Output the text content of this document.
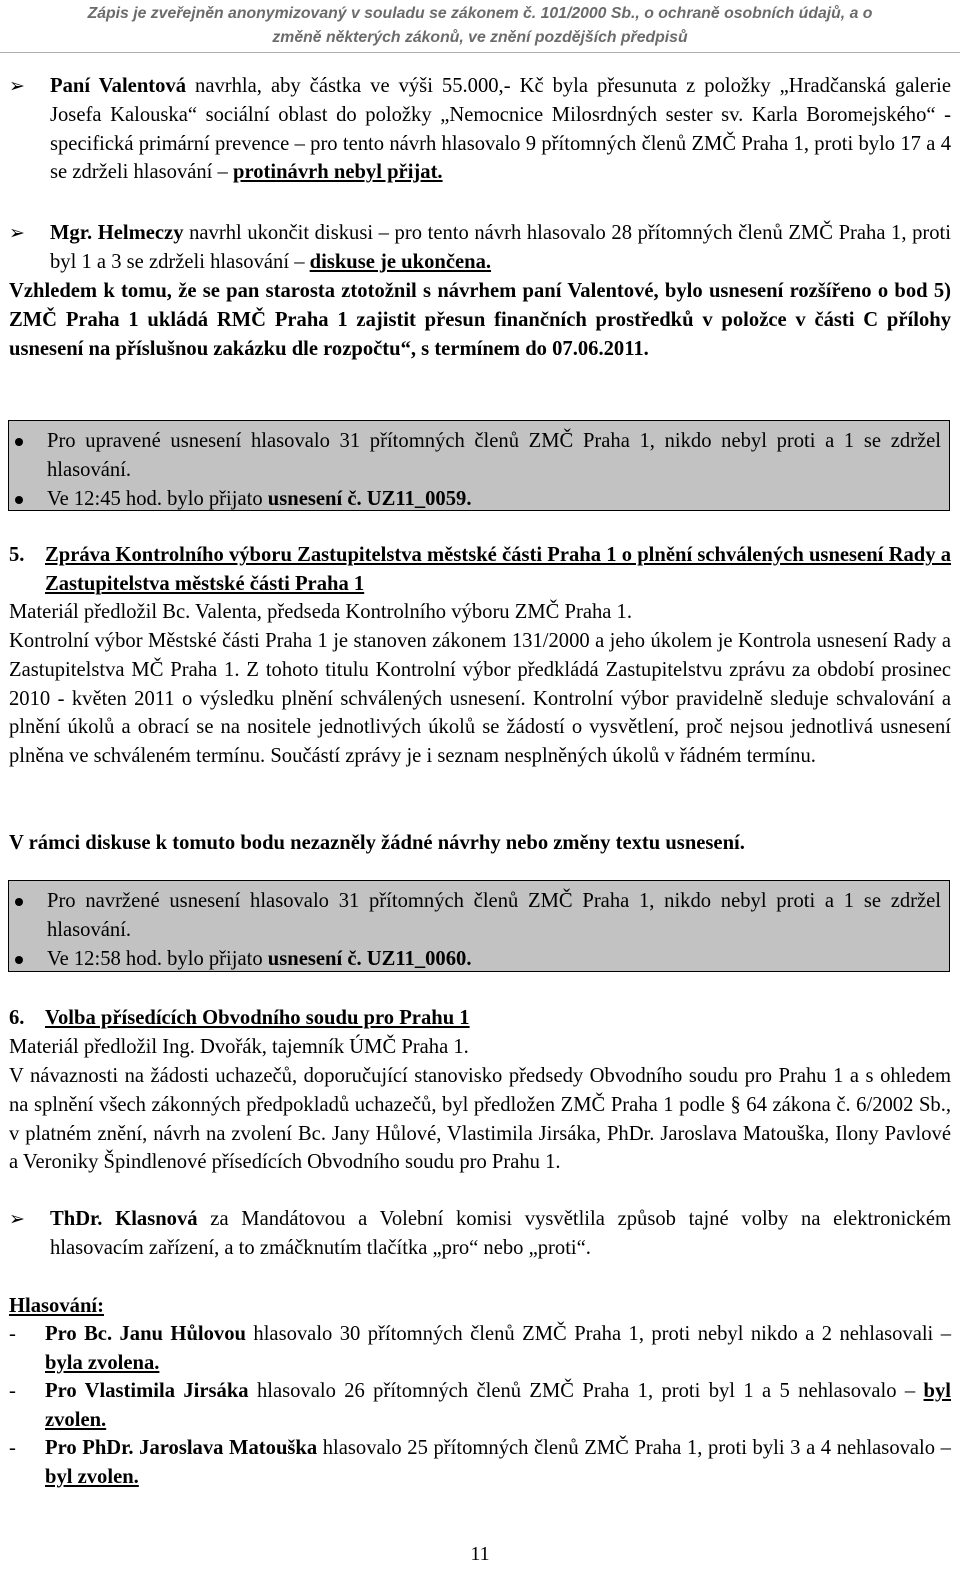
Zápis je zveřejněn anonymizovaný v souladu se zákonem č. 101/2000 Sb., o ochraně osobních údajů, a o
změně některých zákonů, ve znění pozdějších předpisů
➢	Paní Valentová navrhla, aby částka ve výši 55.000,- Kč byla přesunuta z položky „Hradčanská galerie Josefa Kalouska“ sociální oblast do položky „Nemocnice Milosrdných sester sv. Karla Boromejského“ - specifická primární prevence – pro tento návrh hlasovalo 9 přítomných členů ZMČ Praha 1, proti bylo 17 a 4 se zdrželi hlasování – protinávrh nebyl přijat.
➢	Mgr. Helmeczy navrhl ukončit diskusi – pro tento návrh hlasovalo 28 přítomných členů ZMČ Praha 1, proti byl 1 a 3 se zdrželi hlasování – diskuse je ukončena.
Vzhledem k tomu, že se pan starosta ztotožnil s návrhem paní Valentové, bylo usnesení rozšířeno o bod 5) ZMČ Praha 1 ukládá RMČ Praha 1 zajistit přesun finančních prostředků v položce v části C přílohy usnesení na příslušnou zakázku dle rozpočtu“, s termínem do 07.06.2011.
Pro upravené usnesení hlasovalo 31 přítomných členů ZMČ Praha 1, nikdo nebyl proti a 1 se zdržel hlasování.
Ve 12:45 hod. bylo přijato usnesení č. UZ11_0059.
5. Zpráva Kontrolního výboru Zastupitelstva městské části Praha 1 o plnění schválených usnesení Rady a Zastupitelstva městské části Praha 1
Materiál předložil Bc. Valenta, předseda Kontrolního výboru ZMČ Praha 1.
Kontrolní výbor Městské části Praha 1 je stanoven zákonem 131/2000 a jeho úkolem je Kontrola usnesení Rady a Zastupitelstva MČ Praha 1. Z tohoto titulu Kontrolní výbor předkládá Zastupitelstvu zprávu za období prosinec 2010 - květen 2011 o výsledku plnění schválených usnesení. Kontrolní výbor pravidelně sleduje schvalování a plnění úkolů a obrací se na nositele jednotlivých úkolů se žádostí o vysvětlení, proč nejsou jednotlivá usnesení plněna ve schváleném termínu. Součástí zprávy je i seznam nesplněných úkolů v řádném termínu.
V rámci diskuse k tomuto bodu nezazněly žádné návrhy nebo změny textu usnesení.
Pro navržené usnesení hlasovalo 31 přítomných členů ZMČ Praha 1, nikdo nebyl proti a 1 se zdržel hlasování.
Ve 12:58 hod. bylo přijato usnesení č. UZ11_0060.
6. Volba přísedících Obvodního soudu pro Prahu 1
Materiál předložil Ing. Dvořák, tajemník ÚMČ Praha 1.
V návaznosti na žádosti uchazečů, doporučující stanovisko předsedy Obvodního soudu pro Prahu 1 a s ohledem na splnění všech zákonných předpokladů uchazečů, byl předložen ZMČ Praha 1 podle § 64 zákona č. 6/2002 Sb., v platném znění, návrh na zvolení Bc. Jany Hůlové, Vlastimila Jirsáka, PhDr. Jaroslava Matouška, Ilony Pavlové a Veroniky Špindlenové přísedících Obvodního soudu pro Prahu 1.
➢	ThDr. Klasnová za Mandátovou a Volební komisi vysvětlila způsob tajné volby na elektronickém hlasovacím zařízení, a to zmáčknutím tlačítka „pro“ nebo „proti“.
Hlasování:
- Pro Bc. Janu Hůlovou hlasovalo 30 přítomných členů ZMČ Praha 1, proti nebyl nikdo a 2 nehlasovali – byla zvolena.
- Pro Vlastimila Jirsáka hlasovalo 26 přítomných členů ZMČ Praha 1, proti byl 1 a 5 nehlasovalo – byl zvolen.
- Pro PhDr. Jaroslava Matouška hlasovalo 25 přítomných členů ZMČ Praha 1, proti byli 3 a 4 nehlasovalo – byl zvolen.
11
